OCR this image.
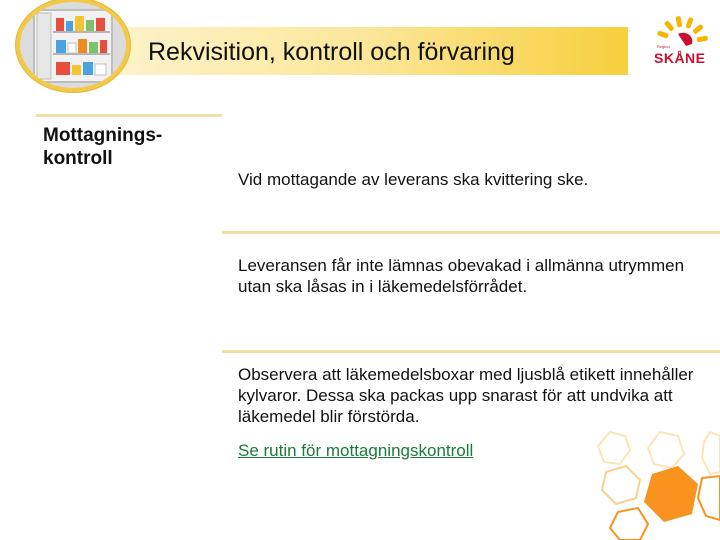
Rekvisition, kontroll och förvaring	Region
SKÅNE
Mottagnings-
kontroll
Vid mottagande av leverans ska kvittering ske.
Leveransen får inte lämnas obevakad i allmänna utrymmen utan ska låsas in i läkemedelsförrådet.
Observera att läkemedelsboxar med ljusblå etikett innehåller kylvaror. Dessa ska packas upp snarast för att undvika att läkemedel blir förstörda.
Se rutin för mottagningskontroll
